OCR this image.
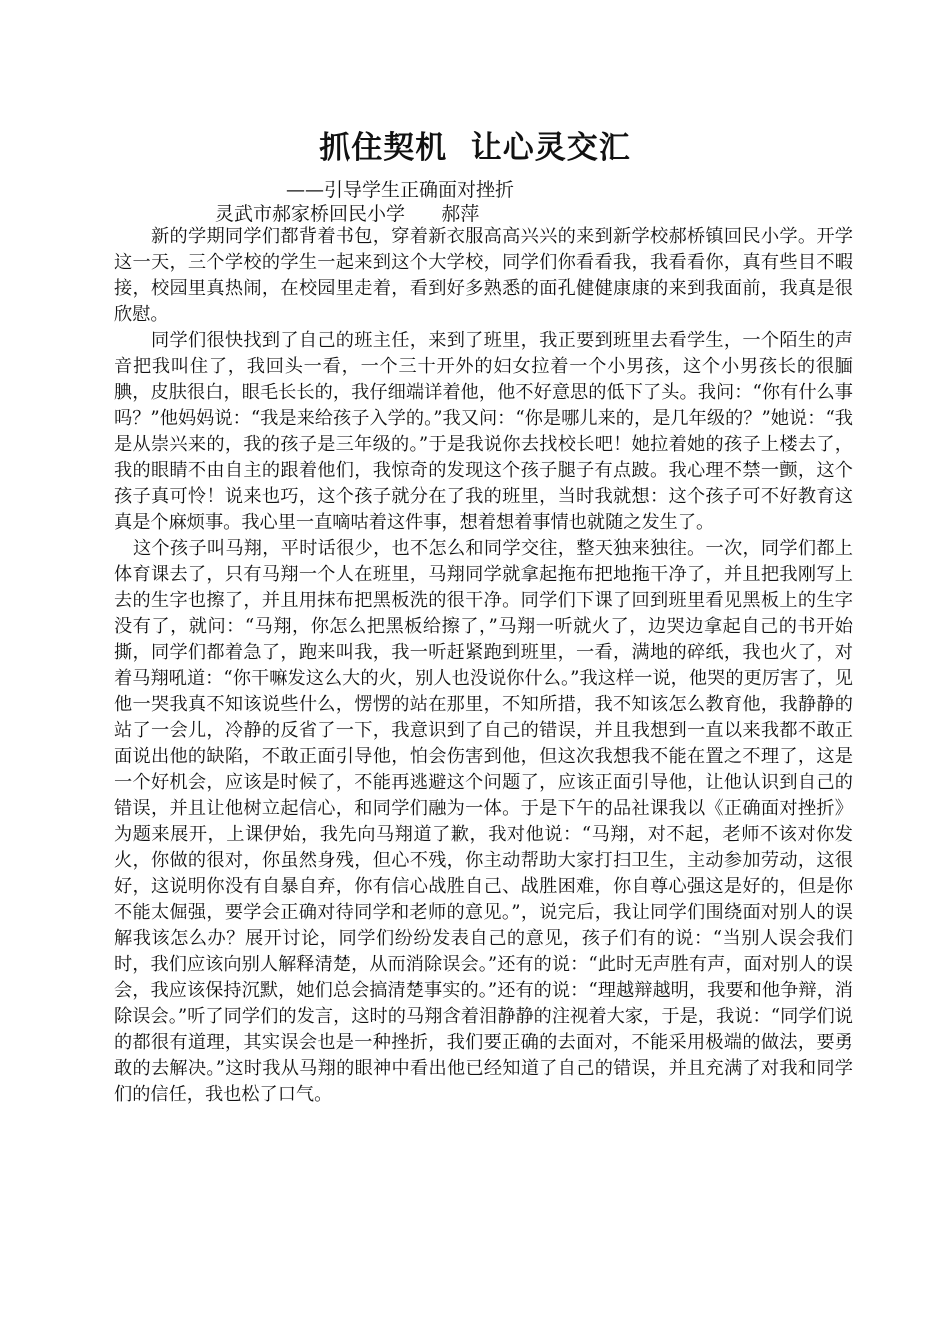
抓住契机  让心灵交汇

——引导学生正确面对挫折

灵武市郝家桥回民小学      郝萍

新的学期同学们都背着书包，穿着新衣服高高兴兴的来到新学校郝桥镇回民小学。开学这一天，三个学校的学生一起来到这个大学校，同学们你看看我，我看看你，真有些目不暇接，校园里真热闹，在校园里走着，看到好多熟悉的面孔健健康康的来到我面前，我真是很欣慰。

同学们很快找到了自己的班主任，来到了班里，我正要到班里去看学生，一个陌生的声音把我叫住了，我回头一看，一个三十开外的妇女拉着一个小男孩，这个小男孩长的很腼腆，皮肤很白，眼毛长长的，我仔细端详着他，他不好意思的低下了头。我问：“你有什么事吗？”他妈妈说：“我是来给孩子入学的。”我又问：“你是哪儿来的，是几年级的？”她说：“我是从崇兴来的，我的孩子是三年级的。”于是我说你去找校长吧！她拉着她的孩子上楼去了，我的眼睛不由自主的跟着他们，我惊奇的发现这个孩子腿子有点跛。我心理不禁一颤，这个孩子真可怜！说来也巧，这个孩子就分在了我的班里，当时我就想：这个孩子可不好教育这真是个麻烦事。我心里一直嘀咕着这件事，想着想着事情也就随之发生了。

这个孩子叫马翔，平时话很少，也不怎么和同学交往，整天独来独往。一次，同学们都上体育课去了，只有马翔一个人在班里，马翔同学就拿起拖布把地拖干净了，并且把我刚写上去的生字也擦了，并且用抹布把黑板洗的很干净。同学们下课了回到班里看见黑板上的生字没有了，就问：“马翔，你怎么把黑板给擦了，”马翔一听就火了，边哭边拿起自己的书开始撕，同学们都着急了，跑来叫我，我一听赶紧跑到班里，一看，满地的碎纸，我也火了，对着马翔吼道：“你干嘛发这么大的火，别人也没说你什么。”我这样一说，他哭的更厉害了，见他一哭我真不知该说些什么，愣愣的站在那里，不知所措，我不知该怎么教育他，我静静的站了一会儿，冷静的反省了一下，我意识到了自己的错误，并且我想到一直以来我都不敢正面说出他的缺陷，不敢正面引导他，怕会伤害到他，但这次我想我不能在置之不理了，这是一个好机会，应该是时候了，不能再逃避这个问题了，应该正面引导他，让他认识到自己的错误，并且让他树立起信心，和同学们融为一体。于是下午的品社课我以《正确面对挫折》为题来展开，上课伊始，我先向马翔道了歉，我对他说：“马翔，对不起，老师不该对你发火，你做的很对，你虽然身残，但心不残，你主动帮助大家打扫卫生，主动参加劳动，这很好，这说明你没有自暴自弃，你有信心战胜自己、战胜困难，你自尊心强这是好的，但是你不能太倔强，要学会正确对待同学和老师的意见。”，说完后，我让同学们围绕面对别人的误解我该怎么办？展开讨论，同学们纷纷发表自己的意见，孩子们有的说：“当别人误会我们时，我们应该向别人解释清楚，从而消除误会。”还有的说：“此时无声胜有声，面对别人的误会，我应该保持沉默，她们总会搞清楚事实的。”还有的说：“理越辩越明，我要和他争辩，消除误会。”听了同学们的发言，这时的马翔含着泪静静的注视着大家，于是，我说：“同学们说的都很有道理，其实误会也是一种挫折，我们要正确的去面对，不能采用极端的做法，要勇敢的去解决。”这时我从马翔的眼神中看出他已经知道了自己的错误，并且充满了对我和同学们的信任，我也松了口气。
